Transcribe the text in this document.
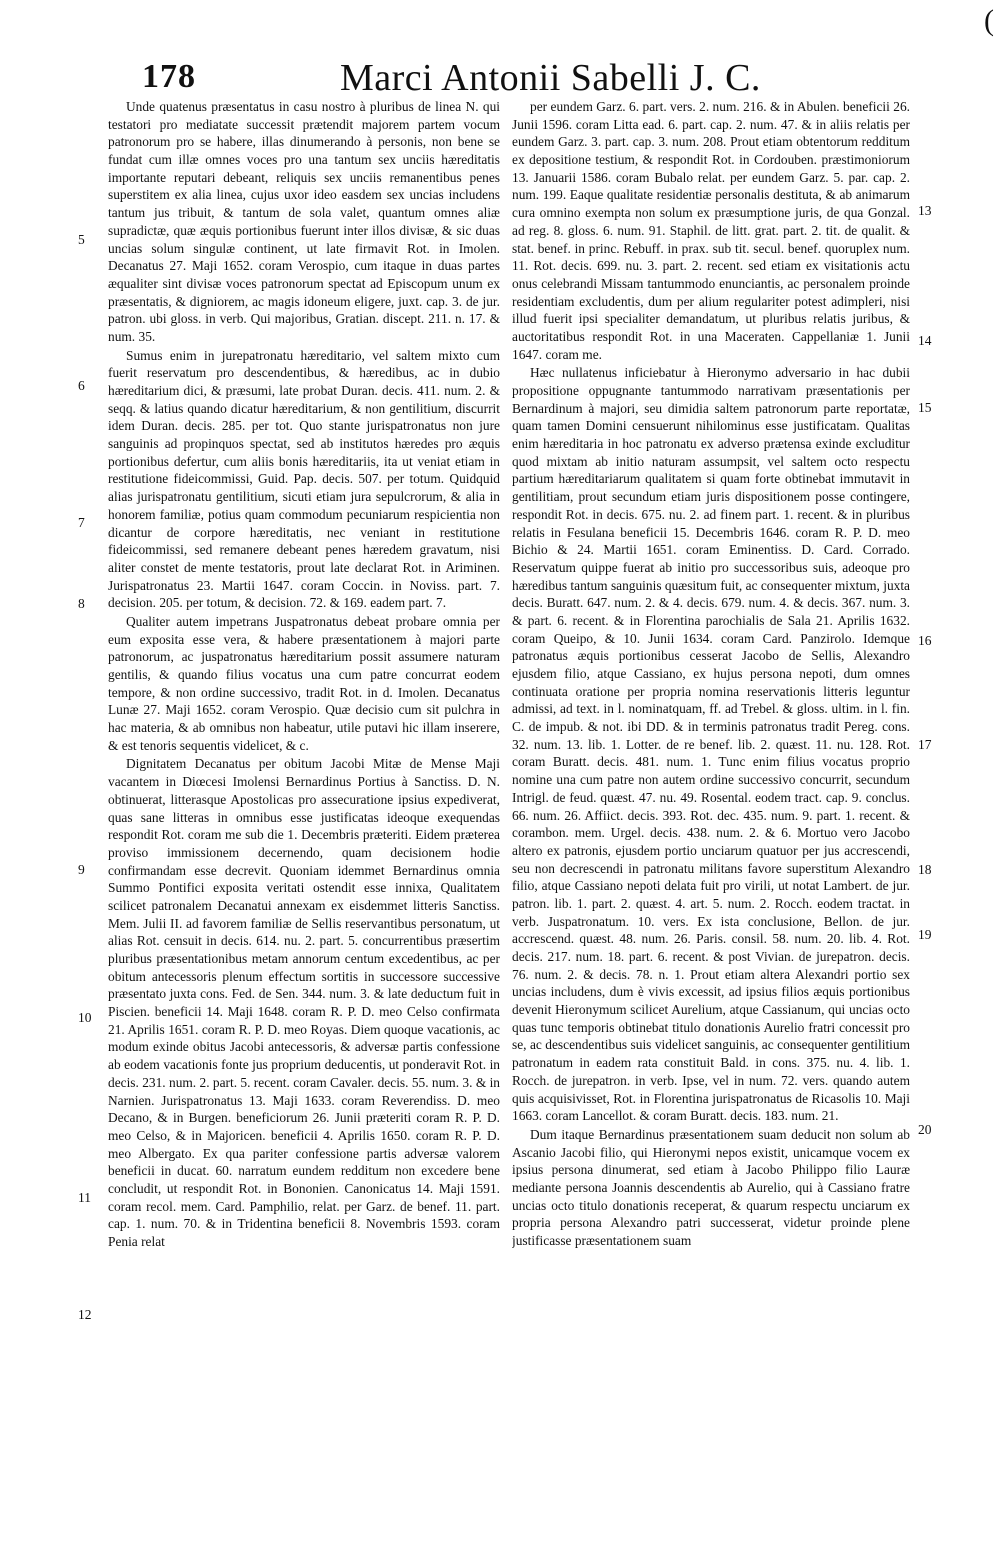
178	Marci Antonii Sabelli J. C.
(
5
6
7
8
9
10
11
12
13
14
15
16
17
18
19
20

Unde quatenus præsentatus in casu nostro à pluribus de linea N. qui testatori pro mediatate successit prætendit majorem partem vocum patronorum pro se habere, illas dinumerando à personis, non bene se fundat cum illæ omnes voces pro una tantum sex unciis hæreditatis importante reputari debeant, reliquis sex unciis remanentibus penes superstitem ex alia linea, cujus uxor ideo easdem sex uncias includens tantum jus tribuit, & tantum de sola valet, quantum omnes aliæ supradictæ, quæ æquis portionibus fuerunt inter illos divisæ, & sic duas uncias solum singulæ continent, ut late firmavit Rot. in Imolen. Decanatus 27. Maji 1652. coram Verospio, cum itaque in duas partes æqualiter sint divisæ voces patronorum spectat ad Episcopum unum ex præsentatis, & digniorem, ac magis idoneum eligere, juxt. cap. 3. de jur. patron. ubi gloss. in verb. Qui majoribus, Gratian. discept. 211. n. 17. & num. 35.

Sumus enim in jurepatronatu hæreditario, vel saltem mixto cum fuerit reservatum pro descendentibus, & hæredibus, ac in dubio hæreditarium dici, & præsumi, late probat Duran. decis. 411. num. 2. & seqq. & latius quando dicatur hæreditarium, & non gentilitium, discurrit idem Duran. decis. 285. per tot. Quo stante jurispatronatus non jure sanguinis ad propinquos spectat, sed ab institutos hæredes pro æquis portionibus defertur, cum aliis bonis hæreditariis, ita ut veniat etiam in restitutione fideicommissi, Guid. Pap. decis. 507. per totum. Quidquid alias jurispatronatu gentilitium, sicuti etiam jura sepulcrorum, & alia in honorem familiæ, potius quam commodum pecuniarum respicientia non dicantur de corpore hæreditatis, nec veniant in restitutione fideicommissi, sed remanere debeant penes hæredem gravatum, nisi aliter constet de mente testatoris, prout late declarat Rot. in Ariminen. Jurispatronatus 23. Martii 1647. coram Coccin. in Noviss. part. 7. decision. 205. per totum, & decision. 72. & 169. eadem part. 7.

Qualiter autem impetrans Juspatronatus debeat probare omnia per eum exposita esse vera, & habere præsentationem à majori parte patronorum, ac juspatronatus hæreditarium possit assumere naturam gentilis, & quando filius vocatus una cum patre concurrat eodem tempore, & non ordine successivo, tradit Rot. in d. Imolen. Decanatus Lunæ 27. Maji 1652. coram Verospio. Quæ decisio cum sit pulchra in hac materia, & ab omnibus non habeatur, utile putavi hic illam inserere, & est tenoris sequentis videlicet, & c.

Dignitatem Decanatus per obitum Jacobi Mitæ de Mense Maji vacantem in Diœcesi Imolensi Bernardinus Portius à Sanctiss. D. N. obtinuerat, litterasque Apostolicas pro assecuratione ipsius expediverat, quas sane litteras in omnibus esse justificatas ideoque exequendas respondit Rot. coram me sub die 1. Decembris præteriti. Eidem præterea proviso immissionem decernendo, quam decisionem hodie confirmandam esse decrevit. Quoniam idemmet Bernardinus omnia Summo Pontifici exposita veritati ostendit esse innixa, Qualitatem scilicet patronalem Decanatui annexam ex eisdemmet litteris Sanctiss. Mem. Julii II. ad favorem familiæ de Sellis reservantibus personatum, ut alias Rot. censuit in decis. 614. nu. 2. part. 5. concurrentibus præsertim pluribus præsentationibus metam annorum centum excedentibus, ac per obitum antecessoris plenum effectum sortitis in successore successive præsentato juxta cons. Fed. de Sen. 344. num. 3. & late deductum fuit in Piscien. beneficii 14. Maji 1648. coram R. P. D. meo Celso confirmata 21. Aprilis 1651. coram R. P. D. meo Royas. Diem quoque vacationis, ac modum exinde obitus Jacobi antecessoris, & adversæ partis confessione ab eodem vacationis fonte jus proprium deducentis, ut ponderavit Rot. in decis. 231. num. 2. part. 5. recent. coram Cavaler. decis. 55. num. 3. & in Narnien. Jurispatronatus 13. Maji 1633. coram Reverendiss. D. meo Decano, & in Burgen. beneficiorum 26. Junii præteriti coram R. P. D. meo Celso, & in Majoricen. beneficii 4. Aprilis 1650. coram R. P. D. meo Albergato. Ex qua pariter confessione partis adversæ valorem beneficii in ducat. 60. narratum eundem redditum non excedere bene concludit, ut respondit Rot. in Bononien. Canonicatus 14. Maji 1591. coram recol. mem. Card. Pamphilio, relat. per Garz. de benef. 11. part. cap. 1. num. 70. & in Tridentina beneficii 8. Novembris 1593. coram Penia relat

per eundem Garz. 6. part. vers. 2. num. 216. & in Abulen. beneficii 26. Junii 1596. coram Litta ead. 6. part. cap. 2. num. 47. & in aliis relatis per eundem Garz. 3. part. cap. 3. num. 208. Prout etiam obtentorum redditum ex depositione testium, & respondit Rot. in Cordouben. præstimoniorum 13. Januarii 1586. coram Bubalo relat. per eundem Garz. 5. par. cap. 2. num. 199. Eaque qualitate residentiæ personalis destituta, & ab animarum cura omnino exempta non solum ex præsumptione juris, de qua Gonzal. ad reg. 8. gloss. 6. num. 91. Staphil. de litt. grat. part. 2. tit. de qualit. & stat. benef. in princ. Rebuff. in prax. sub tit. secul. benef. quoruplex num. 11. Rot. decis. 699. nu. 3. part. 2. recent. sed etiam ex visitationis actu onus celebrandi Missam tantummodo enunciantis, ac personalem proinde residentiam excludentis, dum per alium regulariter potest adimpleri, nisi illud fuerit ipsi specialiter demandatum, ut pluribus relatis juribus, & auctoritatibus respondit Rot. in una Maceraten. Cappellaniæ 1. Junii 1647. coram me.

Hæc nullatenus inficiebatur à Hieronymo adversario in hac dubii propositione oppugnante tantummodo narrativam præsentationis per Bernardinum à majori, seu dimidia saltem patronorum parte reportatæ, quam tamen Domini censuerunt nihilominus esse justificatam. Qualitas enim hæreditaria in hoc patronatu ex adverso prætensa exinde excluditur quod mixtam ab initio naturam assumpsit, vel saltem octo respectu partium hæreditariarum qualitatem si quam forte obtinebat immutavit in gentilitiam, prout secundum etiam juris dispositionem posse contingere, respondit Rot. in decis. 675. nu. 2. ad finem part. 1. recent. & in pluribus relatis in Fesulana beneficii 15. Decembris 1646. coram R. P. D. meo Bichio & 24. Martii 1651. coram Eminentiss. D. Card. Corrado. Reservatum quippe fuerat ab initio pro successoribus suis, adeoque pro hæredibus tantum sanguinis quæsitum fuit, ac consequenter mixtum, juxta decis. Buratt. 647. num. 2. & 4. decis. 679. num. 4. & decis. 367. num. 3. & part. 6. recent. & in Florentina parochialis de Sala 21. Aprilis 1632. coram Queipo, & 10. Junii 1634. coram Card. Panzirolo. Idemque patronatus æquis portionibus cesserat Jacobo de Sellis, Alexandro ejusdem filio, atque Cassiano, ex hujus persona nepoti, dum omnes continuata oratione per propria nomina reservationis litteris leguntur admissi, ad text. in l. nominatquam, ff. ad Trebel. & gloss. ultim. in l. fin. C. de impub. & not. ibi DD. & in terminis patronatus tradit Pereg. cons. 32. num. 13. lib. 1. Lotter. de re benef. lib. 2. quæst. 11. nu. 128. Rot. coram Buratt. decis. 481. num. 1. Tunc enim filius vocatus proprio nomine una cum patre non autem ordine successivo concurrit, secundum Intrigl. de feud. quæst. 47. nu. 49. Rosental. eodem tract. cap. 9. conclus. 66. num. 26. Affiict. decis. 393. Rot. dec. 435. num. 9. part. 1. recent. & corambon. mem. Urgel. decis. 438. num. 2. & 6. Mortuo vero Jacobo altero ex patronis, ejusdem portio unciarum quatuor per jus accrescendi, seu non decrescendi in patronatu militans favore superstitum Alexandro filio, atque Cassiano nepoti delata fuit pro virili, ut notat Lambert. de jur. patron. lib. 1. part. 2. quæst. 4. art. 5. num. 2. Rocch. eodem tractat. in verb. Juspatronatum. 10. vers. Ex ista conclusione, Bellon. de jur. accrescend. quæst. 48. num. 26. Paris. consil. 58. num. 20. lib. 4. Rot. decis. 217. num. 18. part. 6. recent. & post Vivian. de jurepatron. decis. 76. num. 2. & decis. 78. n. 1. Prout etiam altera Alexandri portio sex uncias includens, dum è vivis excessit, ad ipsius filios æquis portionibus devenit Hieronymum scilicet Aurelium, atque Cassianum, qui uncias octo quas tunc temporis obtinebat titulo donationis Aurelio fratri concessit pro se, ac descendentibus suis videlicet sanguinis, ac consequenter gentilitium patronatum in eadem rata constituit Bald. in cons. 375. nu. 4. lib. 1. Rocch. de jurepatron. in verb. Ipse, vel in num. 72. vers. quando autem quis acquisivisset, Rot. in Florentina jurispatronatus de Ricasolis 10. Maji 1663. coram Lancellot. & coram Buratt. decis. 183. num. 21.

Dum itaque Bernardinus præsentationem suam deducit non solum ab Ascanio Jacobi filio, qui Hieronymi nepos existit, unicamque vocem ex ipsius persona dinumerat, sed etiam à Jacobo Philippo filio Lauræ mediante persona Joannis descendentis ab Aurelio, qui à Cassiano fratre uncias octo titulo donationis receperat, & quarum respectu unciarum ex propria persona Alexandro patri successerat, videtur proinde plene justificasse præsentationem suam
